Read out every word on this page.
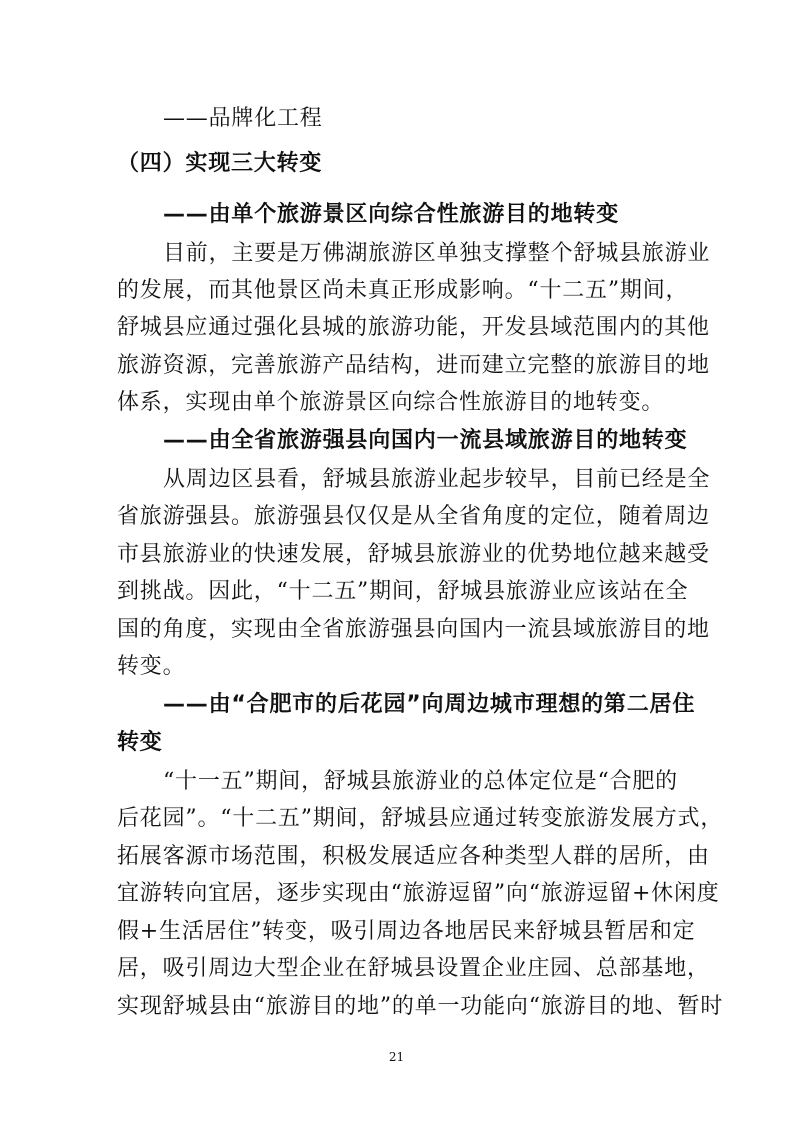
——品牌化工程
（四）实现三大转变
——由单个旅游景区向综合性旅游目的地转变
目前，主要是万佛湖旅游区单独支撑整个舒城县旅游业
的发展，而其他景区尚未真正形成影响。“十二五”期间，
舒城县应通过强化县城的旅游功能，开发县域范围内的其他
旅游资源，完善旅游产品结构，进而建立完整的旅游目的地
体系，实现由单个旅游景区向综合性旅游目的地转变。
——由全省旅游强县向国内一流县域旅游目的地转变
从周边区县看，舒城县旅游业起步较早，目前已经是全
省旅游强县。旅游强县仅仅是从全省角度的定位，随着周边
市县旅游业的快速发展，舒城县旅游业的优势地位越来越受
到挑战。因此，“十二五”期间，舒城县旅游业应该站在全
国的角度，实现由全省旅游强县向国内一流县域旅游目的地
转变。
——由“合肥市的后花园”向周边城市理想的第二居住
转变
“十一五”期间，舒城县旅游业的总体定位是“合肥的
后花园”。“十二五”期间，舒城县应通过转变旅游发展方式，
拓展客源市场范围，积极发展适应各种类型人群的居所，由
宜游转向宜居，逐步实现由“旅游逗留”向“旅游逗留+休闲度
假+生活居住”转变，吸引周边各地居民来舒城县暂居和定
居，吸引周边大型企业在舒城县设置企业庄园、总部基地，
实现舒城县由“旅游目的地”的单一功能向“旅游目的地、暂时
21
